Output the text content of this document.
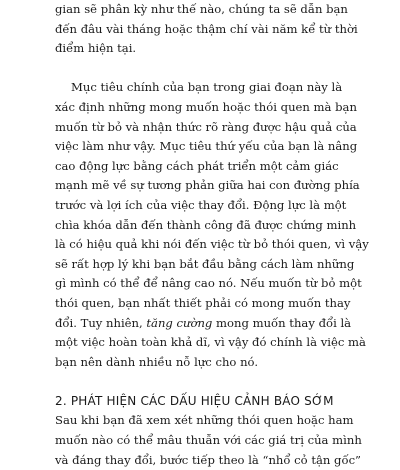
gian sẽ phân kỳ như thế nào, chúng ta sẽ dẫn bạn
đến đâu vài tháng hoặc thậm chí vài năm kể từ thời
điểm hiện tại.

Mục tiêu chính của bạn trong giai đoạn này là
xác định những mong muốn hoặc thói quen mà bạn
muốn từ bỏ và nhận thức rõ ràng được hậu quả của
việc làm như vậy. Mục tiêu thứ yếu của bạn là nâng
cao động lực bằng cách phát triển một cảm giác
mạnh mẽ về sự tương phản giữa hai con đường phía
trước và lợi ích của việc thay đổi. Động lực là một
chìa khóa dẫn đến thành công đã được chứng minh
là có hiệu quả khi nói đến việc từ bỏ thói quen, vì vậy
sẽ rất hợp lý khi bạn bắt đầu bằng cách làm những
gì mình có thể để nâng cao nó. Nếu muốn từ bỏ một
thói quen, bạn nhất thiết phải có mong muốn thay
đổi. Tuy nhiên, tăng cường mong muốn thay đổi là
một việc hoàn toàn khả dĩ, vì vậy đó chính là việc mà
bạn nên dành nhiều nỗ lực cho nó.

2. PHÁT HIỆN CÁC DẤU HIỆU CẢNH BÁO SỚM

Sau khi bạn đã xem xét những thói quen hoặc ham
muốn nào có thể mâu thuẫn với các giá trị của mình
và đáng thay đổi, bước tiếp theo là “nhổ cỏ tận gốc”
